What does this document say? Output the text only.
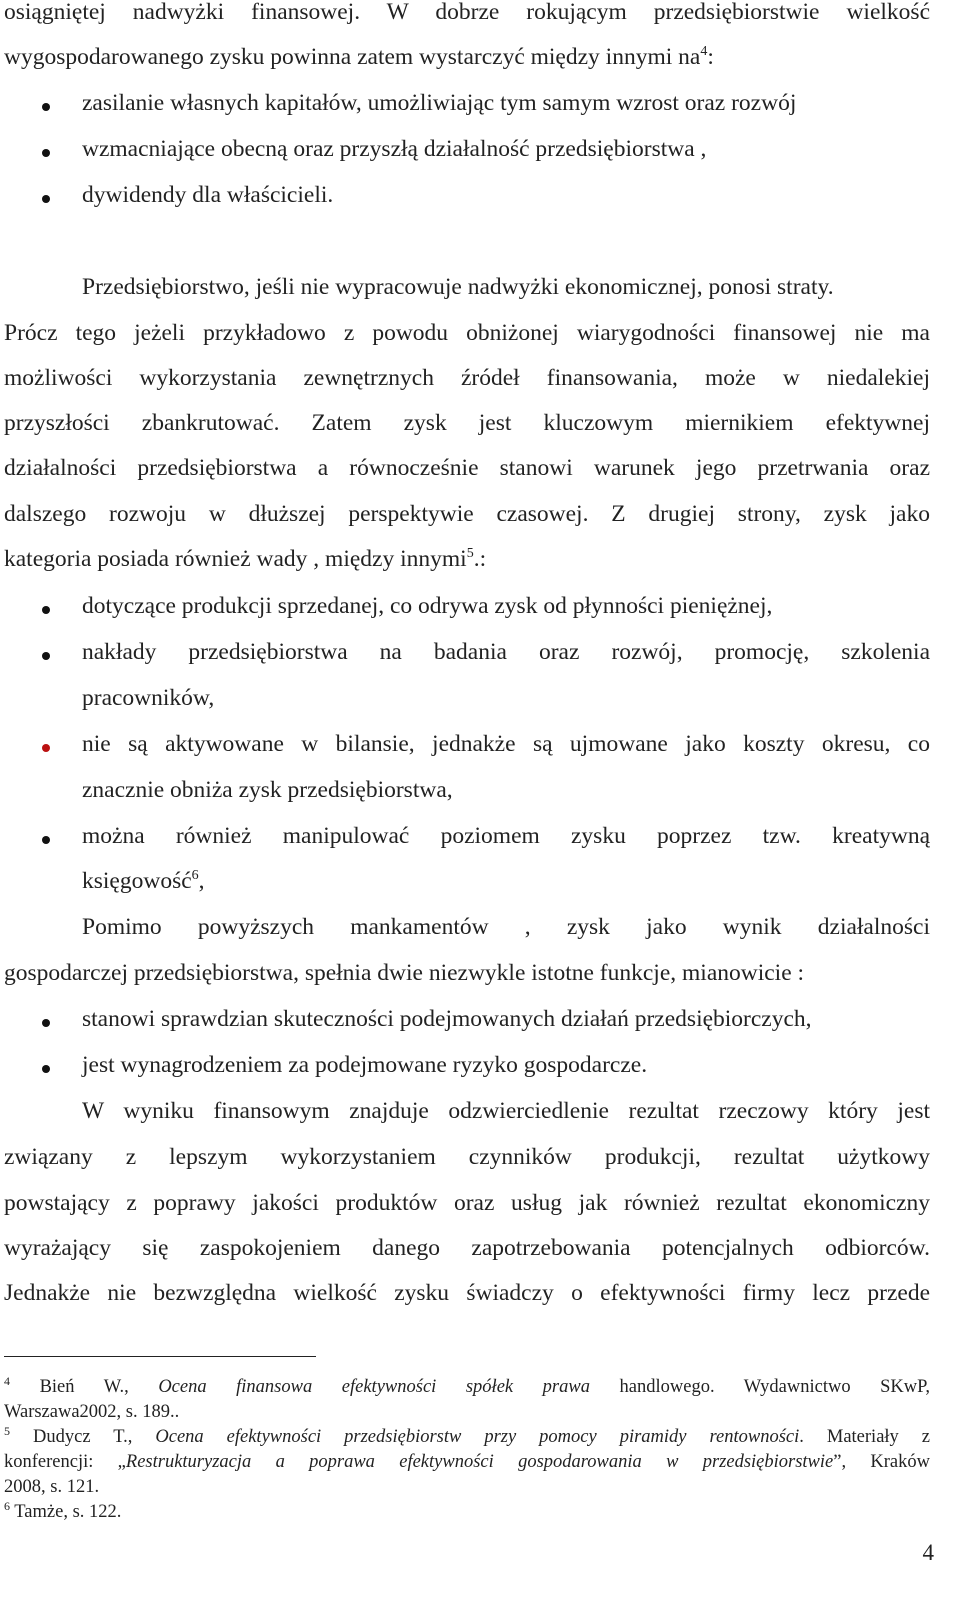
osiągniętej nadwyżki finansowej. W dobrze rokującym przedsiębiorstwie wielkość
wygospodarowanego zysku powinna zatem wystarczyć między innymi $na^4$:
zasilanie własnych kapitałów, umożliwiając tym samym wzrost oraz rozwój
wzmacniające obecną oraz przyszłą działalność przedsiębiorstwa ,
dywidendy dla właścicieli.
Przedsiębiorstwo, jeśli nie wypracowuje nadwyżki ekonomicznej, ponosi straty.
Prócz tego jeżeli przykładowo z powodu obniżonej wiarygodności finansowej nie ma
możliwości wykorzystania zewnętrznych źródeł finansowania, może w niedalekiej
przyszłości zbankrutować. Zatem zysk jest kluczowym miernikiem efektywnej
działalności przedsiębiorstwa a równocześnie stanowi warunek jego przetrwania oraz
dalszego rozwoju w dłuższej perspektywie czasowej. Z drugiej strony, zysk jako
kategoria posiada również wady , między innymi$^5$.:
dotyczące produkcji sprzedanej, co odrywa zysk od płynności pieniężnej,
nakłady przedsiębiorstwa na badania oraz rozwój, promocję, szkolenia
pracowników,
nie są aktywowane w bilansie, jednakże są ujmowane jako koszty okresu, co
znacznie obniża zysk przedsiębiorstwa,
można również manipulować poziomem zysku poprzez tzw. kreatywną
księgowość$^6$,
Pomimo powyższych mankamentów , zysk jako wynik działalności
gospodarczej przedsiębiorstwa, spełnia dwie niezwykle istotne funkcje, mianowicie :
stanowi sprawdzian skuteczności podejmowanych działań przedsiębiorczych,
jest wynagrodzeniem za podejmowane ryzyko gospodarcze.
W wyniku finansowym znajduje odzwierciedlenie rezultat rzeczowy który jest
związany z lepszym wykorzystaniem czynników produkcji, rezultat użytkowy
powstający z poprawy jakości produktów oraz usług jak również rezultat ekonomiczny
wyrażający się zaspokojeniem danego zapotrzebowania potencjalnych odbiorców.
Jednakże nie bezwzględna wielkość zysku świadczy o efektywności firmy lecz przede
$^4$ Bień W., Ocena finansowa efektywności spółek prawa handlowego. Wydawnictwo SKwP,
Warszawa2002, s. 189..
$^5$ Dudycz T., Ocena efektywności przedsiębiorstw przy pomocy piramidy rentowności. Materiały z
konferencji: „Restrukturyzacja a poprawa efektywności gospodarowania w przedsiębiorstwie”, Kraków
2008, s. 121.
$^6$ Tamże, s. 122.
4
